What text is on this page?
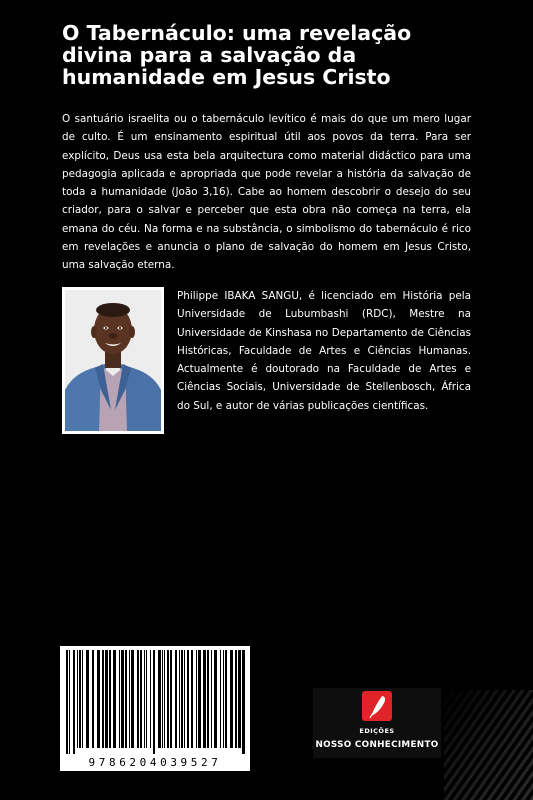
O Tabernáculo: uma revelação divina para a salvação da humanidade em Jesus Cristo

O santuário israelita ou o tabernáculo levítico é mais do que um mero lugar de culto. É um ensinamento espiritual útil aos povos da terra. Para ser explícito, Deus usa esta bela arquitectura como material didáctico para uma pedagogia aplicada e apropriada que pode revelar a história da salvação de toda a humanidade (João 3,16). Cabe ao homem descobrir o desejo do seu criador, para o salvar e perceber que esta obra não começa na terra, ela emana do céu. Na forma e na substância, o simbolismo do tabernáculo é rico em revelações e anuncia o plano de salvação do homem em Jesus Cristo, uma salvação eterna.

Philippe IBAKA SANGU, é licenciado em História pela Universidade de Lubumbashi (RDC), Mestre na Universidade de Kinshasa no Departamento de Ciências Históricas, Faculdade de Artes e Ciências Humanas. Actualmente é doutorado na Faculdade de Artes e Ciências Sociais, Universidade de Stellenbosch, África do Sul, e autor de várias publicações científicas.

9786204039527
EDIÇÕES
NOSSO CONHECIMENTO
